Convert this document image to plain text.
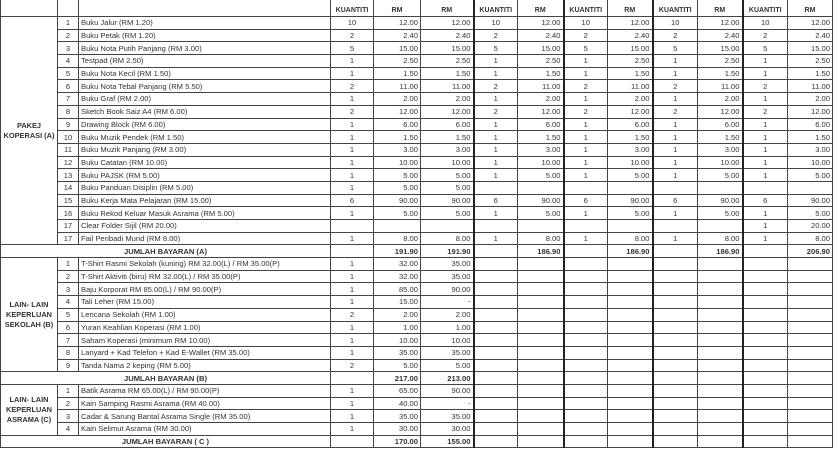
			KUANTITI	RM	RM	KUANTITI	RM	KUANTITI	RM	KUANTITI	RM	KUANTITI	RM
PAKEJ KOPERASI (A)	1	Buku Jalur (RM 1.20)	10	12.00	12.00	10	12.00	10	12.00	10	12.00	10	12.00
	2	Buku Petak (RM 1.20)	2	2.40	2.40	2	2.40	2	2.40	2	2.40	2	2.40
	3	Buku Nota Putih Panjang (RM 3.00)	5	15.00	15.00	5	15.00	5	15.00	5	15.00	5	15.00
	4	Testpad (RM 2.50)	1	2.50	2.50	1	2.50	1	2.50	1	2.50	1	2.50
	5	Buku Nota Kecil (RM 1.50)	1	1.50	1.50	1	1.50	1	1.50	1	1.50	1	1.50
	6	Buku Nota Tebal Panjang (RM 5.50)	2	11.00	11.00	2	11.00	2	11.00	2	11.00	2	11.00
	7	Buku Graf (RM 2.00)	1	2.00	2.00	1	2.00	1	2.00	1	2.00	1	2.00
	8	Sketch Book Saiz A4 (RM 6.00)	2	12.00	12.00	2	12.00	2	12.00	2	12.00	2	12.00
	9	Drawing Block (RM 6.00)	1	6.00	6.00	1	6.00	1	6.00	1	6.00	1	6.00
	10	Buku Muzik Pendek (RM 1.50)	1	1.50	1.50	1	1.50	1	1.50	1	1.50	1	1.50
	11	Buku Muzik Panjang (RM 3.00)	1	3.00	3.00	1	3.00	1	3.00	1	3.00	1	3.00
	12	Buku Catatan (RM 10.00)	1	10.00	10.00	1	10.00	1	10.00	1	10.00	1	10.00
	13	Buku PAJSK (RM 5.00)	1	5.00	5.00	1	5.00	1	5.00	1	5.00	1	5.00
	14	Buku Panduan Disiplin (RM 5.00)	1	5.00	5.00								
	15	Buku Kerja Mata Pelajaran (RM 15.00)	6	90.00	90.00	6	90.00	6	90.00	6	90.00	6	90.00
	16	Buku Rekod Keluar Masuk Asrama (RM 5.00)	1	5.00	5.00	1	5.00	1	5.00	1	5.00	1	5.00
	17	Clear Folder Sijil (RM 20.00)										1	20.00
	17	Fail Peribadi Murid (RM 8.00)	1	8.00	8.00	1	8.00	1	8.00	1	8.00	1	8.00
JUMLAH BAYARAN (A)				191.90	191.90		186.90		186.90		186.90		206.90
LAIN- LAIN KEPERLUAN SEKOLAH (B)	1	T-Shirt Rasmi Sekolah (kuning) RM 32.00(L) / RM 35.00(P)	1	32.00	35.00								
	2	T-Shirt Aktiviti (biru) RM 32.00(L) / RM 35.00(P)	1	32.00	35.00								
	3	Baju Korporat RM 85.00(L) / RM 90.00(P)	1	85.00	90.00								
	4	Tali Leher (RM 15.00)	1	15.00	-								
	5	Lencana Sekolah (RM 1.00)	2	2.00	2.00								
	6	Yuran Keahlian Koperasi (RM 1.00)	1	1.00	1.00								
	7	Saham Koperasi (minimum RM 10.00)	1	10.00	10.00								
	8	Lanyard + Kad Telefon + Kad E-Wallet (RM 35.00)	1	35.00	35.00								
	9	Tanda Nama 2 keping (RM 5.00)	2	5.00	5.00								
JUMLAH BAYARAN (B)				217.00	213.00								
LAIN- LAIN KEPERLUAN ASRAMA (C)	1	Batik Asrama RM 65.00(L) / RM 90.00(P)	1	65.00	90.00								
	2	Kain Samping Rasmi Asrama (RM 40.00)	1	40.00	-								
	3	Cadar & Sarung Bantal Asrama Single (RM 35.00)	1	35.00	35.00								
	4	Kain Selimut Asrama (RM 30.00)	1	30.00	30.00								
JUMLAH BAYARAN ( C )				170.00	155.00								
